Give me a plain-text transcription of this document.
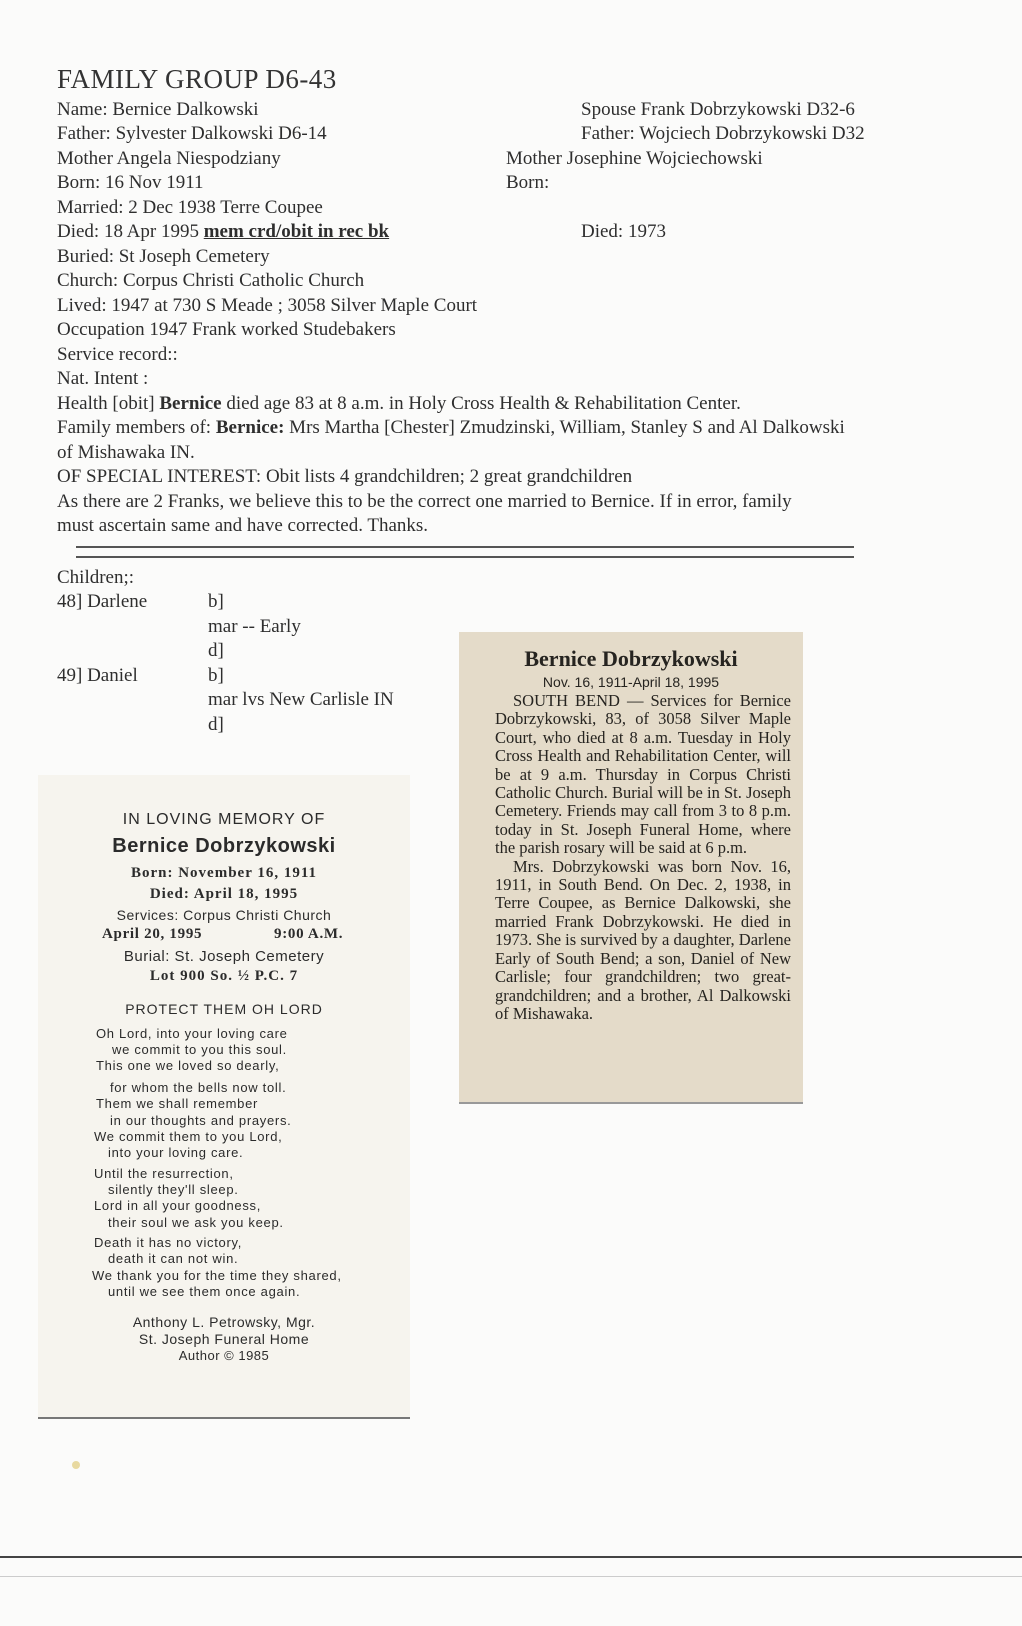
FAMILY GROUP D6-43
Name: Bernice Dalkowski
Father: Sylvester Dalkowski D6-14
Mother Angela Niespodziany
Born: 16 Nov 1911
Married: 2 Dec 1938 Terre Coupee
Died: 18 Apr 1995 mem crd/obit in rec bk
Buried: St Joseph Cemetery
Church: Corpus Christi Catholic Church
Lived: 1947 at 730 S Meade ; 3058 Silver Maple Court
Occupation 1947 Frank worked Studebakers
Service record::
Nat. Intent :
Health [obit] Bernice died age 83 at 8 a.m. in Holy Cross Health & Rehabilitation Center.
Family members of: Bernice: Mrs Martha [Chester] Zmudzinski, William, Stanley S and Al Dalkowski
of Mishawaka IN.
OF SPECIAL INTEREST: Obit lists 4 grandchildren; 2 great grandchildren
As there are 2 Franks, we believe this to be the correct one married to Bernice. If in error, family
must ascertain same and have corrected. Thanks.
Spouse Frank Dobrzykowski D32-6
Father: Wojciech Dobrzykowski D32
Mother Josephine Wojciechowski
Born:
Died: 1973
Children;:
48] Darlene	b]
mar -- Early
d]
49] Daniel	b]
mar lvs New Carlisle IN
d]
IN LOVING MEMORY OF
Bernice Dobrzykowski
Born: November 16, 1911
Died: April 18, 1995
Services: Corpus Christi Church
April 20, 1995	9:00 A.M.
Burial: St. Joseph Cemetery
Lot 900 So. ½ P.C. 7
PROTECT THEM OH LORD
Oh Lord, into your loving care
we commit to you this soul.
This one we loved so dearly,
for whom the bells now toll.
Them we shall remember
in our thoughts and prayers.
We commit them to you Lord,
into your loving care.
Until the resurrection,
silently they'll sleep.
Lord in all your goodness,
their soul we ask you keep.
Death it has no victory,
death it can not win.
We thank you for the time they shared,
until we see them once again.
Anthony L. Petrowsky, Mgr.
St. Joseph Funeral Home
Author © 1985
Bernice Dobrzykowski
Nov. 16, 1911-April 18, 1995

SOUTH BEND — Services for Bernice Dobrzykowski, 83, of 3058 Silver Maple Court, who died at 8 a.m. Tuesday in Holy Cross Health and Rehabilitation Center, will be at 9 a.m. Thursday in Corpus Christi Catholic Church. Burial will be in St. Joseph Cemetery. Friends may call from 3 to 8 p.m. today in St. Joseph Funeral Home, where the parish rosary will be said at 6 p.m.

Mrs. Dobrzykowski was born Nov. 16, 1911, in South Bend. On Dec. 2, 1938, in Terre Coupee, as Bernice Dalkowski, she married Frank Dobrzykowski. He died in 1973. She is survived by a daughter, Darlene Early of South Bend; a son, Daniel of New Carlisle; four grandchildren; two great-grandchildren; and a brother, Al Dalkowski of Mishawaka.
